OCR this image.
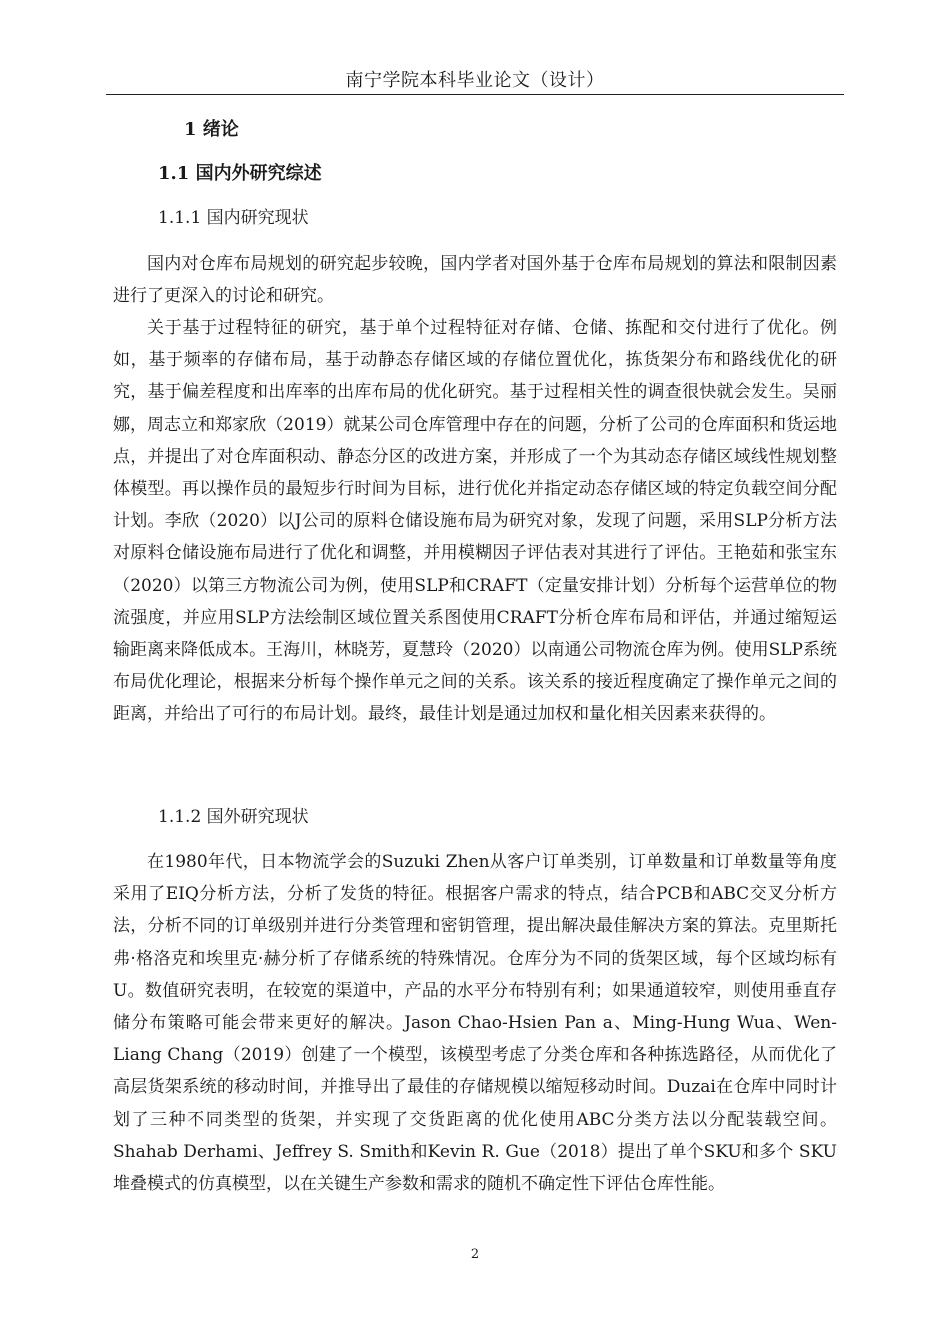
南宁学院本科毕业论文（设计）
1 绪论
1.1 国内外研究综述
1.1.1 国内研究现状

国内对仓库布局规划的研究起步较晚，国内学者对国外基于仓库布局规划的算法和限制因素进行了更深入的讨论和研究。

关于基于过程特征的研究，基于单个过程特征对存储、仓储、拣配和交付进行了优化。例如，基于频率的存储布局，基于动静态存储区域的存储位置优化，拣货架分布和路线优化的研究，基于偏差程度和出库率的出库布局的优化研究。基于过程相关性的调查很快就会发生。吴丽娜，周志立和郑家欣（2019）就某公司仓库管理中存在的问题，分析了公司的仓库面积和货运地点，并提出了对仓库面积动、静态分区的改进方案，并形成了一个为其动态存储区域线性规划整体模型。再以操作员的最短步行时间为目标，进行优化并指定动态存储区域的特定负载空间分配计划。李欣（2020）以J公司的原料仓储设施布局为研究对象，发现了问题，采用SLP分析方法对原料仓储设施布局进行了优化和调整，并用模糊因子评估表对其进行了评估。王艳茹和张宝东（2020）以第三方物流公司为例，使用SLP和CRAFT（定量安排计划）分析每个运营单位的物流强度，并应用SLP方法绘制区域位置关系图使用CRAFT分析仓库布局和评估，并通过缩短运输距离来降低成本。王海川，林晓芳，夏慧玲（2020）以南通公司物流仓库为例。使用SLP系统布局优化理论，根据来分析每个操作单元之间的关系。该关系的接近程度确定了操作单元之间的距离，并给出了可行的布局计划。最终，最佳计划是通过加权和量化相关因素来获得的。

1.1.2 国外研究现状

在1980年代，日本物流学会的Suzuki Zhen从客户订单类别，订单数量和订单数量等角度采用了EIQ分析方法，分析了发货的特征。根据客户需求的特点，结合PCB和ABC交叉分析方法，分析不同的订单级别并进行分类管理和密钥管理，提出解决最佳解决方案的算法。克里斯托弗·格洛克和埃里克·赫分析了存储系统的特殊情况。仓库分为不同的货架区域，每个区域均标有U。数值研究表明，在较宽的渠道中，产品的水平分布特别有利；如果通道较窄，则使用垂直存储分布策略可能会带来更好的解决。Jason Chao-Hsien Pan a、Ming-Hung Wua、Wen-Liang Chang（2019）创建了一个模型，该模型考虑了分类仓库和各种拣选路径，从而优化了高层货架系统的移动时间，并推导出了最佳的存储规模以缩短移动时间。Duzai在仓库中同时计划了三种不同类型的货架，并实现了交货距离的优化使用ABC分类方法以分配装载空间。 Shahab Derhami、Jeffrey S. Smith和Kevin R. Gue（2018）提出了单个SKU和多个 SKU堆叠模式的仿真模型，以在关键生产参数和需求的随机不确定性下评估仓库性能。

2
